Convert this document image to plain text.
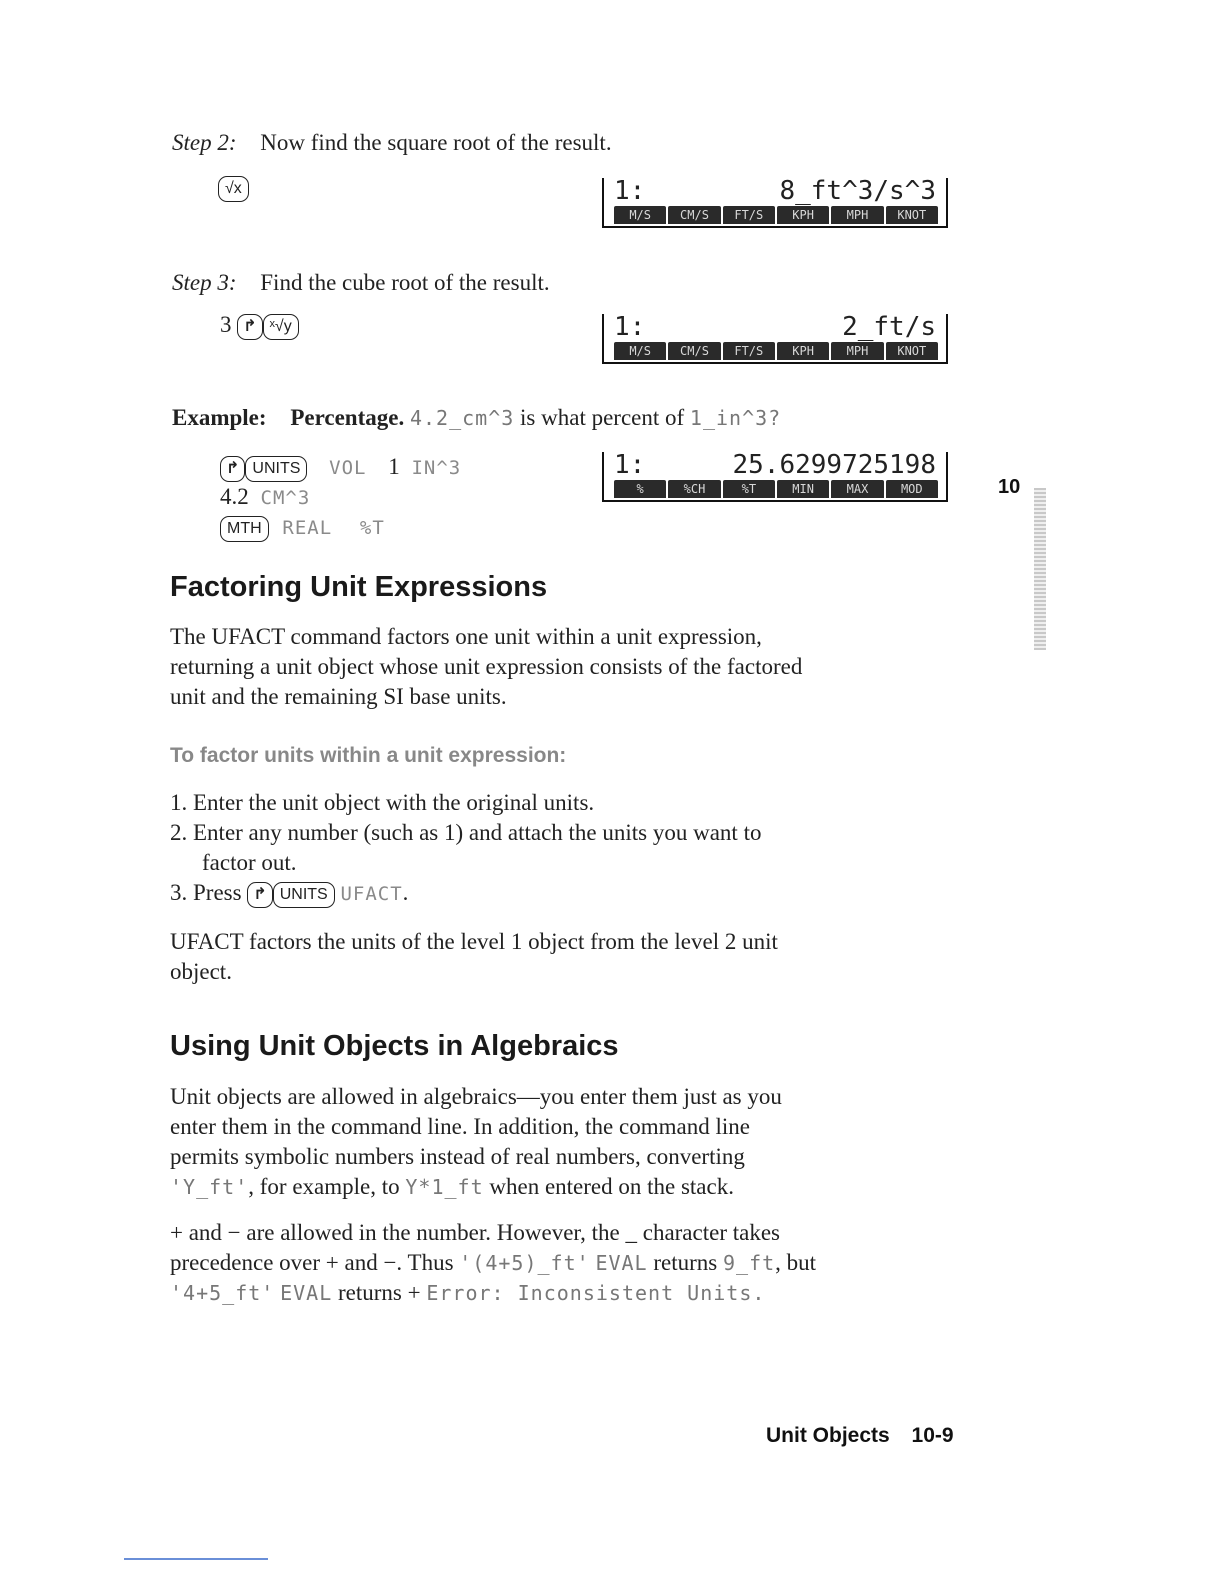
Step 2: Now find the square root of the result.
√x	1:	8_ft^3/s^3
M/S	CM/S	FT/S	KPH	MPH	KNOT
Step 3: Find the cube root of the result.
3 ↱ ˣ√y	1:	2_ft/s
M/S	CM/S	FT/S	KPH	MPH	KNOT
Example: Percentage. 4.2_cm^3 is what percent of 1_in^3?
↱ UNITS VOL 1 IN^3
4.2 CM^3
MTH REAL %T
1:	25.6299725198
%	%CH	%T	MIN	MAX	MOD	10
Factoring Unit Expressions
The UFACT command factors one unit within a unit expression,
returning a unit object whose unit expression consists of the factored
unit and the remaining SI base units.
To factor units within a unit expression:
1. Enter the unit object with the original units.
2. Enter any number (such as 1) and attach the units you want to
factor out.
3. Press ↱ UNITS UFACT.
UFACT factors the units of the level 1 object from the level 2 unit
object.
Using Unit Objects in Algebraics
Unit objects are allowed in algebraics—you enter them just as you
enter them in the command line. In addition, the command line
permits symbolic numbers instead of real numbers, converting
'Y_ft', for example, to Y*1_ft when entered on the stack.
+ and − are allowed in the number. However, the _ character takes
precedence over + and −. Thus '(4+5)_ft' EVAL returns 9_ft, but
'4+5_ft' EVAL returns + Error: Inconsistent Units.
Unit Objects 10-9
